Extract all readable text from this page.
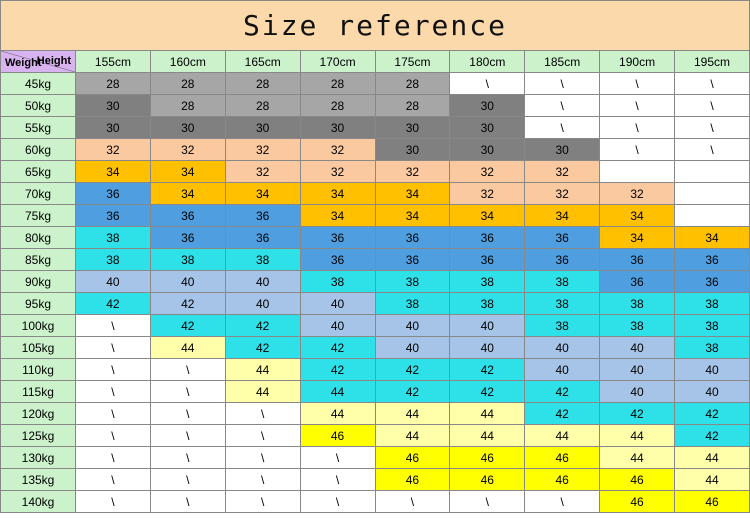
Size reference
Height
Weight	155cm	160cm	165cm	170cm	175cm	180cm	185cm	190cm	195cm
45kg	28	28	28	28	28	\	\	\	\
50kg	30	28	28	28	28	30	\	\	\
55kg	30	30	30	30	30	30	\	\	\
60kg	32	32	32	32	30	30	30	\	\
65kg	34	34	32	32	32	32	32		
70kg	36	34	34	34	34	32	32	32	
75kg	36	36	36	34	34	34	34	34	
80kg	38	36	36	36	36	36	36	34	34
85kg	38	38	38	36	36	36	36	36	36
90kg	40	40	40	38	38	38	38	36	36
95kg	42	42	40	40	38	38	38	38	38
100kg	\	42	42	40	40	40	38	38	38
105kg	\	44	42	42	40	40	40	40	38
110kg	\	\	44	42	42	42	40	40	40
115kg	\	\	44	44	42	42	42	40	40
120kg	\	\	\	44	44	44	42	42	42
125kg	\	\	\	46	44	44	44	44	42
130kg	\	\	\	\	46	46	46	44	44
135kg	\	\	\	\	46	46	46	46	44
140kg	\	\	\	\	\	\	\	46	46
